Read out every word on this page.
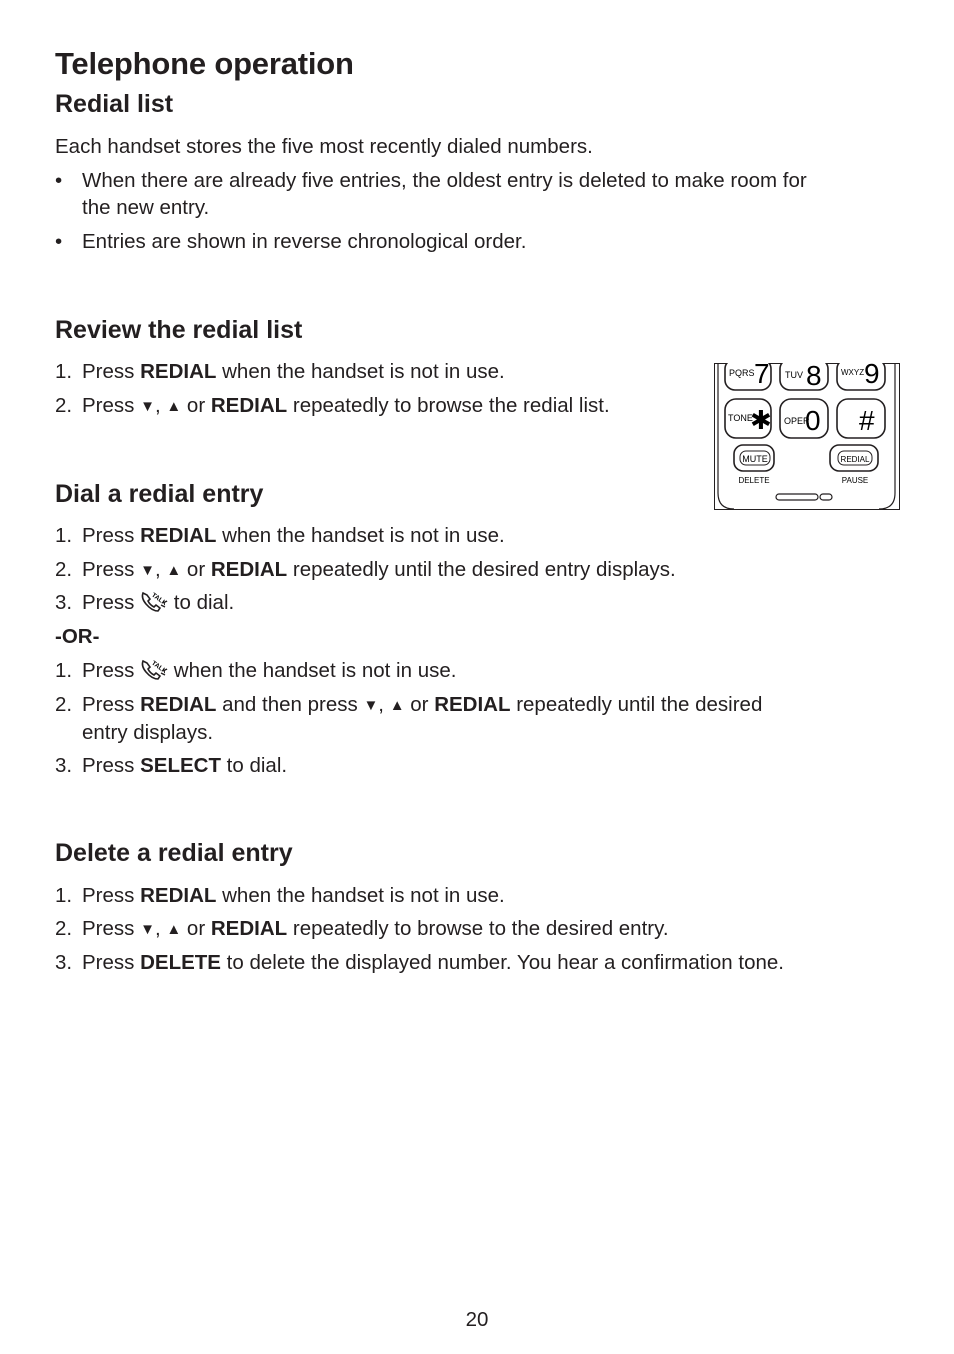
Telephone operation
Redial list

Each handset stores the five most recently dialed numbers.

• When there are already five entries, the oldest entry is deleted to make room for
the new entry.
• Entries are shown in reverse chronological order.
Review the redial list
1. Press REDIAL when the handset is not in use.
2. Press ▼, ▲ or REDIAL repeatedly to browse the redial list.
PQRS 7 TUV 8 WXYZ 9
TONE
✱ OPER
0 #
MUTE
DELETE
REDIAL
PAUSE
Dial a redial entry
1. Press REDIAL when the handset is not in use.
2. Press ▼, ▲ or REDIAL repeatedly until the desired entry displays.
3. Press TALK to dial.

-OR-

1. Press TALK when the handset is not in use.
2. Press REDIAL and then press ▼, ▲ or REDIAL repeatedly until the desired
entry displays.
3. Press SELECT to dial.
Delete a redial entry
1. Press REDIAL when the handset is not in use.
2. Press ▼, ▲ or REDIAL repeatedly to browse to the desired entry.
3. Press DELETE to delete the displayed number. You hear a confirmation tone.
20
